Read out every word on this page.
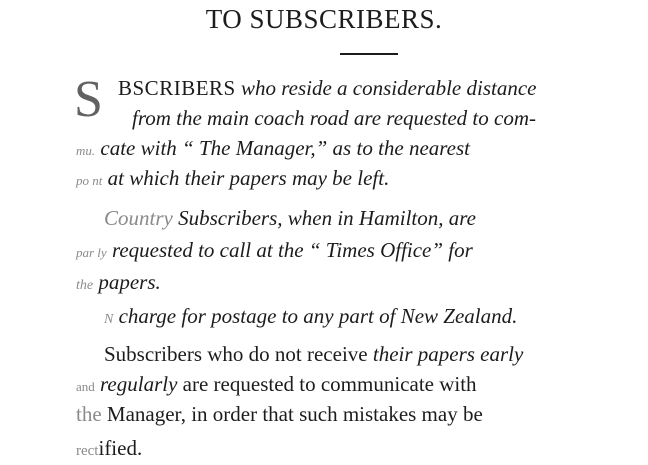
TO SUBSCRIBERS.
S BSCRIBERS who reside a considerable distance
from the main coach road are requested to com-
mu. cate with “ The Manager,” as to the nearest
po nt at which their papers may be left.
Country Subscribers, when in Hamilton, are
par ly requested to call at the “ Times Office” for
the papers.
N charge for postage to any part of New Zealand.
Subscribers who do not receive their papers early
and regularly are requested to communicate with
the Manager, in order that such mistakes may be
rectified.
